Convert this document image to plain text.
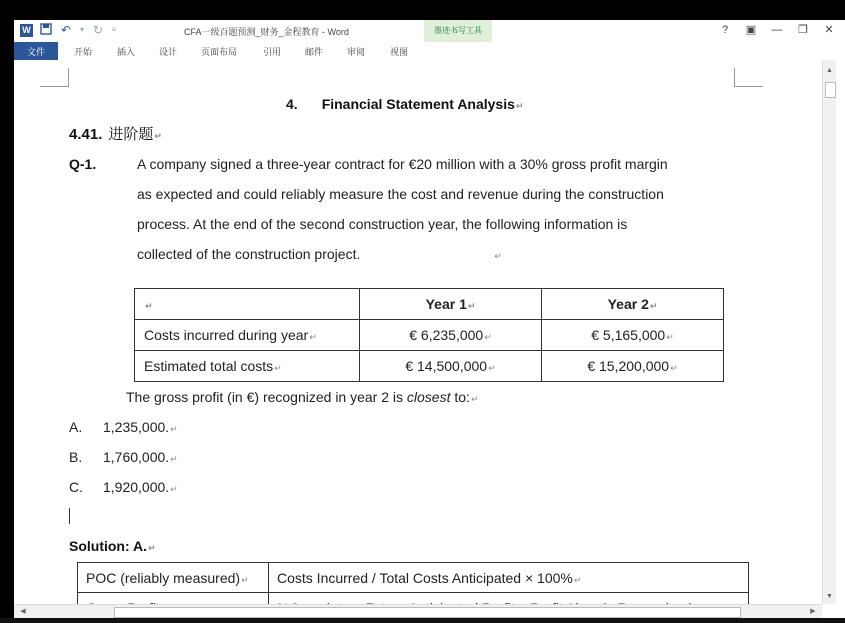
W	↶ ▾ ↻ ≡	CFA一级百题预测_财务_金程教育 - Word	? ▣ — ❐ ✕
墨迹书写工具
文件	开始	插入	设计	页面布局	引用	邮件	审阅	视图
4. Financial Statement Analysis↵
4.41. 进阶题↵
Q-1.	A company signed a three-year contract for €20 million with a 30% gross profit margin
as expected and could reliably measure the cost and revenue during the construction
process. At the end of the second construction year, the following information is
collected of the construction project.	↵
↵	Year 1↵	Year 2↵
Costs incurred during year↵	€ 6,235,000↵	€ 5,165,000↵
Estimated total costs↵	€ 14,500,000↵	€ 15,200,000↵
The gross profit (in €) recognized in year 2 is closest to:↵
A. 1,235,000.↵
B. 1,760,000.↵
C. 1,920,000.↵
Solution: A.↵
POC (reliably measured)↵	Costs Incurred / Total Costs Anticipated × 100%↵

▲
▼
◀	▶
